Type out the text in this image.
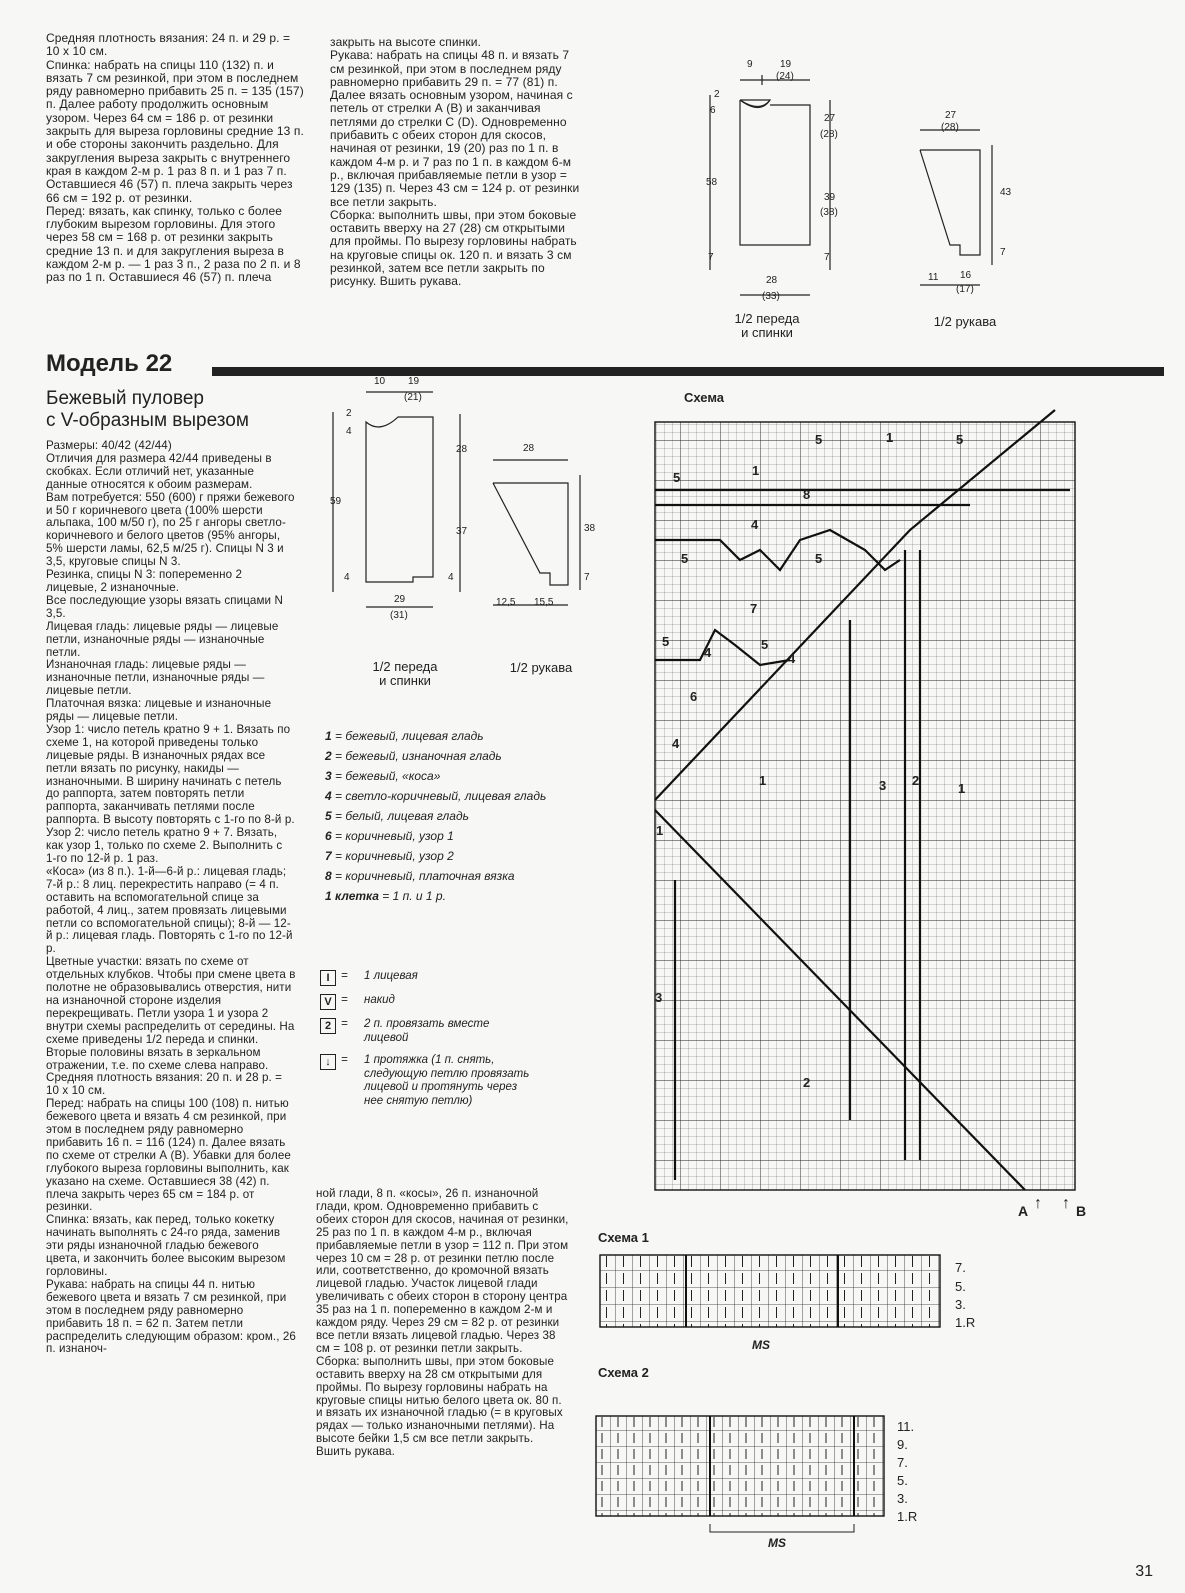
Средняя плотность вязания: 24 п. и 29 р. = 10 х 10 см.
Спинка: набрать на спицы 110 (132) п. и вязать 7 см резинкой, при этом в последнем ряду равномерно прибавить 25 п. = 135 (157) п. Далее работу продолжить основным узором. Через 64 см = 186 р. от резинки закрыть для выреза горловины средние 13 п. и обе стороны закончить раздельно. Для закругления выреза закрыть с внутреннего края в каждом 2-м р. 1 раз 8 п. и 1 раз 7 п. Оставшиеся 46 (57) п. плеча закрыть через 66 см = 192 р. от резинки.
Перед: вязать, как спинку, только с более глубоким вырезом горловины. Для этого через 58 см = 168 р. от резинки закрыть средние 13 п. и для закругления выреза в каждом 2-м р. — 1 раз 3 п., 2 раза по 2 п. и 8 раз по 1 п. Оставшиеся 46 (57) п. плеча
закрыть на высоте спинки.
Рукава: набрать на спицы 48 п. и вязать 7 см резинкой, при этом в последнем ряду равномерно прибавить 29 п. = 77 (81) п. Далее вязать основным узором, начиная с петель от стрелки А (В) и заканчивая петлями до стрелки С (D). Одновременно прибавить с обеих сторон для скосов, начиная от резинки, 19 (20) раз по 1 п. в каждом 4-м р. и 7 раз по 1 п. в каждом 6-м р., включая прибавляемые петли в узор = 129 (135) п. Через 43 см = 124 р. от резинки все петли закрыть.
Сборка: выполнить швы, при этом боковые оставить вверху на 27 (28) см открытыми для проймы. По вырезу горловины набрать на круговые спицы ок. 120 п. и вязать 3 см резинкой, затем все петли закрыть по рисунку. Вшить рукава.
9	19
(24)
2
6
27
(28)
58
39
(38)
7	7
28
(33)
1/2 переда
и спинки
27
(28)
43
7
11 16
(17)
1/2 рукава
Модель 22
Бежевый пуловер
с V-образным вырезом
Размеры: 40/42 (42/44)
Отличия для размера 42/44 приведены в скобках. Если отличий нет, указанные данные относятся к обоим размерам.
Вам потребуется: 550 (600) г пряжи бежевого и 50 г коричневого цвета (100% шерсти альпака, 100 м/50 г), по 25 г ангоры светло-коричневого и белого цветов (95% ангоры, 5% шерсти ламы, 62,5 м/25 г). Спицы N 3 и 3,5, круговые спицы N 3.
Резинка, спицы N 3: попеременно 2 лицевые, 2 изнаночные.
Все последующие узоры вязать спицами N 3,5.
Лицевая гладь: лицевые ряды — лицевые петли, изнаночные ряды — изнаночные петли.
Изнаночная гладь: лицевые ряды — изнаночные петли, изнаночные ряды — лицевые петли.
Платочная вязка: лицевые и изнаночные ряды — лицевые петли.
Узор 1: число петель кратно 9 + 1. Вязать по схеме 1, на которой приведены только лицевые ряды. В изнаночных рядах все петли вязать по рисунку, накиды — изнаночными. В ширину начинать с петель до раппорта, затем повторять петли раппорта, заканчивать петлями после раппорта. В высоту повторять с 1-го по 8-й р.
Узор 2: число петель кратно 9 + 7. Вязать, как узор 1, только по схеме 2. Выполнить с 1-го по 12-й р. 1 раз.
«Коса» (из 8 п.). 1-й—6-й р.: лицевая гладь; 7-й р.: 8 лиц. перекрестить направо (= 4 п. оставить на вспомогательной спице за работой, 4 лиц., затем провязать лицевыми петли со вспомогательной спицы); 8-й — 12-й р.: лицевая гладь. Повторять с 1-го по 12-й р.
Цветные участки: вязать по схеме от отдельных клубков. Чтобы при смене цвета в полотне не образовывались отверстия, нити на изнаночной стороне изделия перекрещивать. Петли узора 1 и узора 2 внутри схемы распределить от середины. На схеме приведены 1/2 переда и спинки. Вторые половины вязать в зеркальном отражении, т.е. по схеме слева направо.
Средняя плотность вязания: 20 п. и 28 р. = 10 х 10 см.
Перед: набрать на спицы 100 (108) п. нитью бежевого цвета и вязать 4 см резинкой, при этом в последнем ряду равномерно прибавить 16 п. = 116 (124) п. Далее вязать по схеме от стрелки А (В). Убавки для более глубокого выреза горловины выполнить, как указано на схеме. Оставшиеся 38 (42) п. плеча закрыть через 65 см = 184 р. от резинки.
Спинка: вязать, как перед, только кокетку начинать выполнять с 24-го ряда, заменив эти ряды изнаночной гладью бежевого цвета, и закончить более высоким вырезом горловины.
Рукава: набрать на спицы 44 п. нитью бежевого цвета и вязать 7 см резинкой, при этом в последнем ряду равномерно прибавить 18 п. = 62 п. Затем петли распределить следующим образом: кром., 26 п. изнаноч-
ной глади, 8 п. «косы», 26 п. изнаночной глади, кром. Одновременно прибавить с обеих сторон для скосов, начиная от резинки, 25 раз по 1 п. в каждом 4-м р., включая прибавляемые петли в узор = 112 п. При этом через 10 см = 28 р. от резинки петлю после или, соответственно, до кромочной вязать лицевой гладью. Участок лицевой глади увеличивать с обеих сторон в сторону центра 35 раз на 1 п. попеременно в каждом 2-м и каждом ряду. Через 29 см = 82 р. от резинки все петли вязать лицевой гладью. Через 38 см = 108 р. от резинки петли закрыть.
Сборка: выполнить швы, при этом боковые оставить вверху на 28 см открытыми для проймы. По вырезу горловины набрать на круговые спицы нитью белого цвета ок. 80 п. и вязать их изнаночной гладью (= в круговых рядах — только изнаночными петлями). На высоте бейки 1,5 см все петли закрыть. Вшить рукава.
10 19
(21)
2
4
28
59
37
4	4
29
(31)
1/2 переда
и спинки
28
38
7
12,5 15,5
1/2 рукава
1 = бежевый, лицевая гладь
2 = бежевый, изнаночная гладь
3 = бежевый, «коса»
4 = светло-коричневый, лицевая гладь
5 = белый, лицевая гладь
6 = коричневый, узор 1
7 = коричневый, узор 2
8 = коричневый, платочная вязка
1 клетка = 1 п. и 1 р.
I = 1 лицевая
V = накид
2 = 2 п. провязать вместе
лицевой
↓ = 1 протяжка (1 п. снять,
следующую петлю провязать
лицевой и протянуть через
нее снятую петлю)
Схема
5	1	5
1
5
8
4
5	5
7
5
4
5
4
6
4
1	3 2
1
1
3
2
A ↑ ↑ B
Схема 1
7.
5.
3.
1.R
MS
Схема 2
11.
9.
7.
5.
3.
1.R
MS
31
